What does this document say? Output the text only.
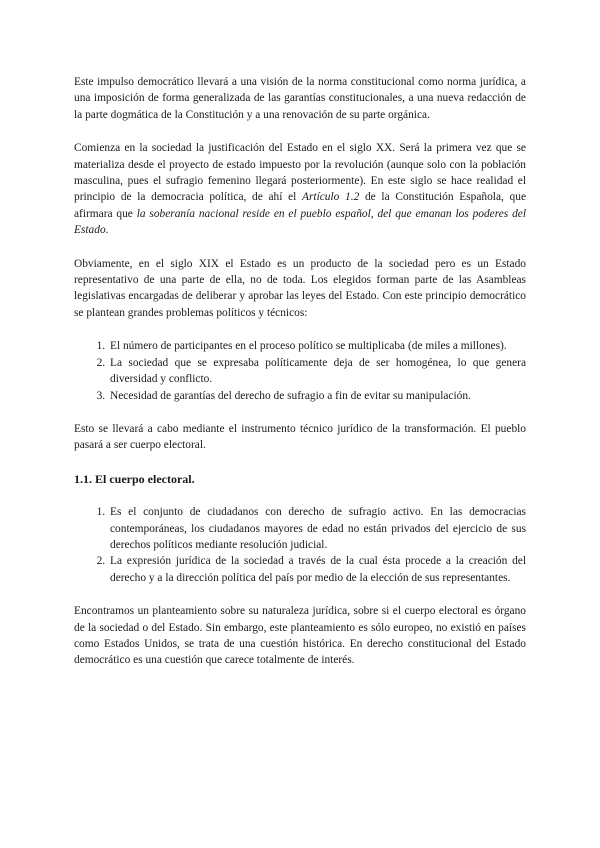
Este impulso democrático llevará a una visión de la norma constitucional como norma jurídica, a una imposición de forma generalizada de las garantías constitucionales, a una nueva redacción de la parte dogmática de la Constitución y a una renovación de su parte orgánica.

Comienza en la sociedad la justificación del Estado en el siglo XX. Será la primera vez que se materializa desde el proyecto de estado impuesto por la revolución (aunque solo con la población masculina, pues el sufragio femenino llegará posteriormente). En este siglo se hace realidad el principio de la democracia política, de ahí el Artículo 1.2 de la Constitución Española, que afirmara que la soberanía nacional reside en el pueblo español, del que emanan los poderes del Estado.

Obviamente, en el siglo XIX el Estado es un producto de la sociedad pero es un Estado representativo de una parte de ella, no de toda. Los elegidos forman parte de las Asambleas legislativas encargadas de deliberar y aprobar las leyes del Estado. Con este principio democrático se plantean grandes problemas políticos y técnicos:

1. El número de participantes en el proceso político se multiplicaba (de miles a millones).
2. La sociedad que se expresaba políticamente deja de ser homogénea, lo que genera diversidad y conflicto.
3. Necesidad de garantías del derecho de sufragio a fin de evitar su manipulación.

Esto se llevará a cabo mediante el instrumento técnico jurídico de la transformación. El pueblo pasará a ser cuerpo electoral.

1.1. El cuerpo electoral.
1. Es el conjunto de ciudadanos con derecho de sufragio activo. En las democracias contemporáneas, los ciudadanos mayores de edad no están privados del ejercicio de sus derechos políticos mediante resolución judicial.
2. La expresión jurídica de la sociedad a través de la cual ésta procede a la creación del derecho y a la dirección política del país por medio de la elección de sus representantes.

Encontramos un planteamiento sobre su naturaleza jurídica, sobre si el cuerpo electoral es órgano de la sociedad o del Estado. Sin embargo, este planteamiento es sólo europeo, no existió en países como Estados Unidos, se trata de una cuestión histórica. En derecho constitucional del Estado democrático es una cuestión que carece totalmente de interés.
